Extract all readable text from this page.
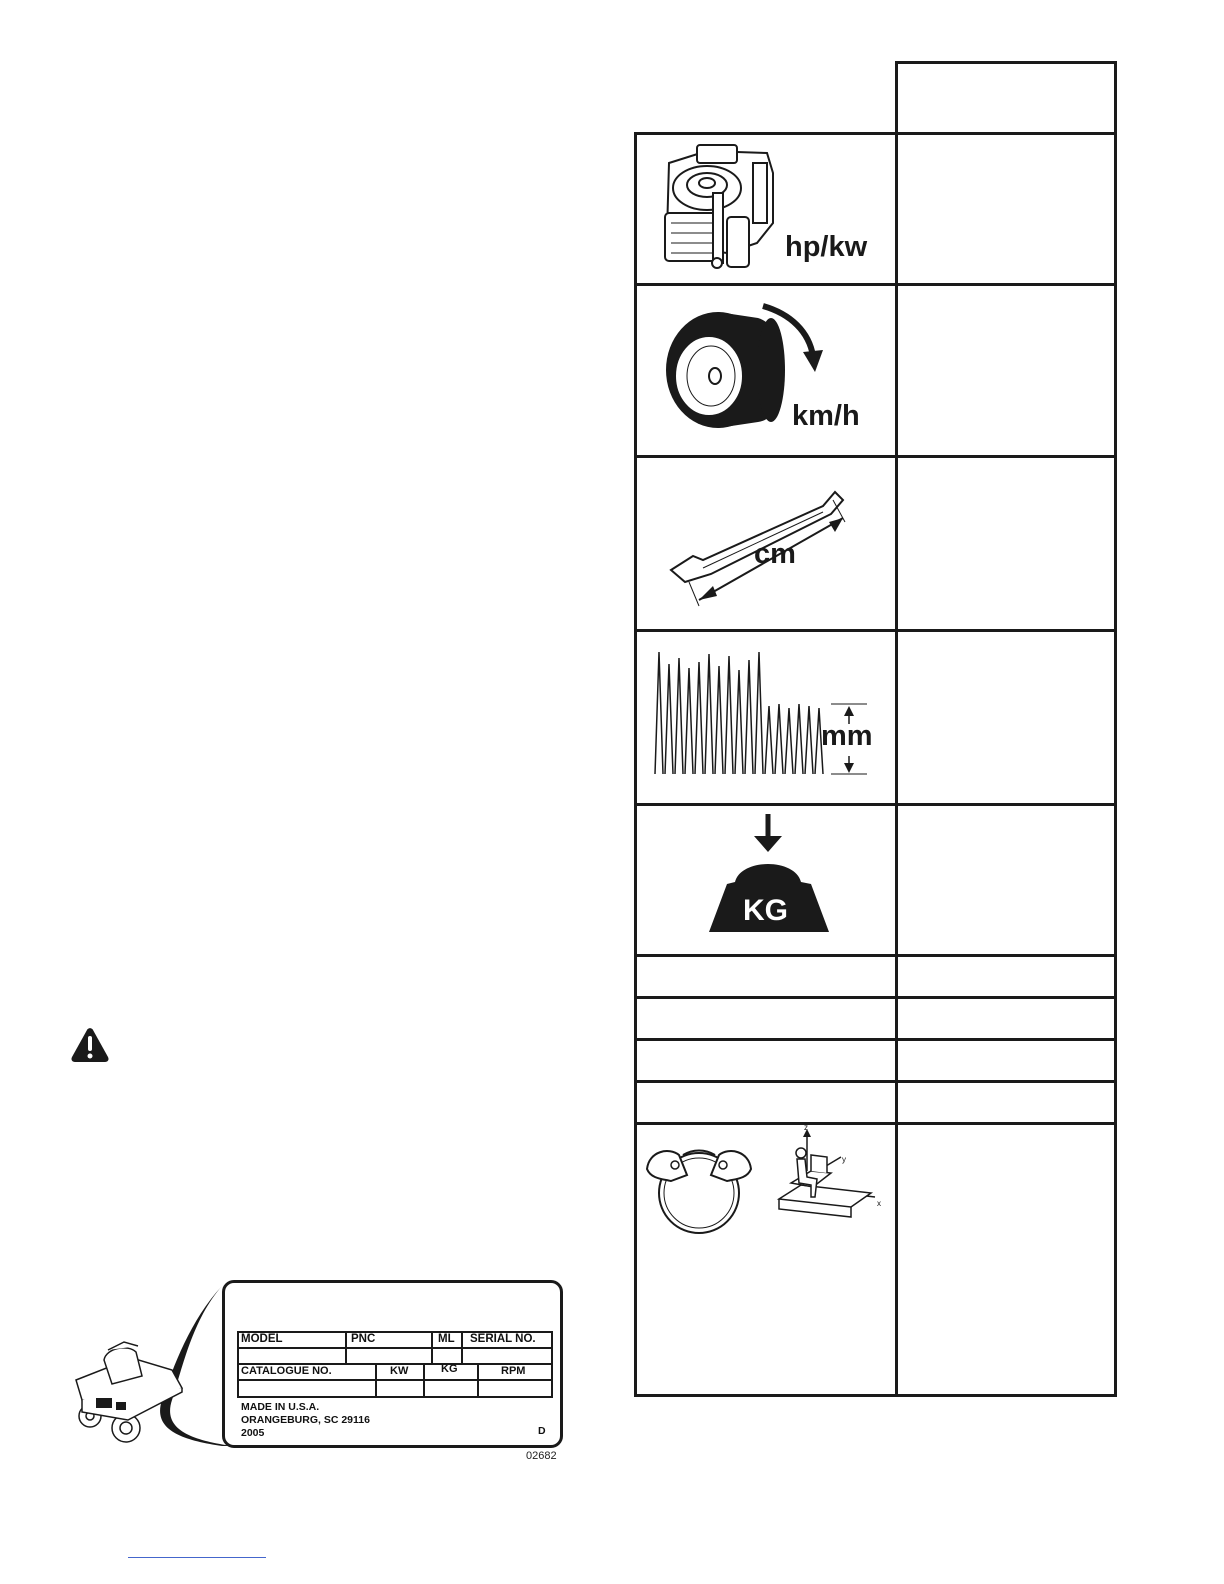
hp/kw
km/h
cm
mm
KG
z
y
x
MODEL	PNC	ML SERIAL NO.
CATALOGUE NO.	KW	KG	RPM
MADE IN U.S.A.
ORANGEBURG, SC 29116
2005	D
02682
